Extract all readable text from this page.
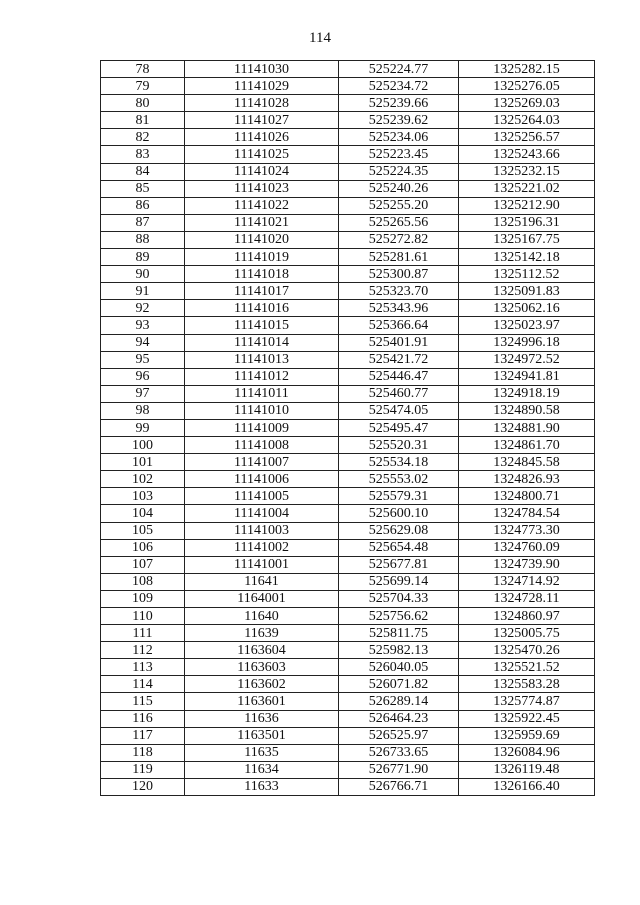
114
78	11141030	525224.77	1325282.15
79	11141029	525234.72	1325276.05
80	11141028	525239.66	1325269.03
81	11141027	525239.62	1325264.03
82	11141026	525234.06	1325256.57
83	11141025	525223.45	1325243.66
84	11141024	525224.35	1325232.15
85	11141023	525240.26	1325221.02
86	11141022	525255.20	1325212.90
87	11141021	525265.56	1325196.31
88	11141020	525272.82	1325167.75
89	11141019	525281.61	1325142.18
90	11141018	525300.87	1325112.52
91	11141017	525323.70	1325091.83
92	11141016	525343.96	1325062.16
93	11141015	525366.64	1325023.97
94	11141014	525401.91	1324996.18
95	11141013	525421.72	1324972.52
96	11141012	525446.47	1324941.81
97	11141011	525460.77	1324918.19
98	11141010	525474.05	1324890.58
99	11141009	525495.47	1324881.90
100	11141008	525520.31	1324861.70
101	11141007	525534.18	1324845.58
102	11141006	525553.02	1324826.93
103	11141005	525579.31	1324800.71
104	11141004	525600.10	1324784.54
105	11141003	525629.08	1324773.30
106	11141002	525654.48	1324760.09
107	11141001	525677.81	1324739.90
108	11641	525699.14	1324714.92
109	1164001	525704.33	1324728.11
110	11640	525756.62	1324860.97
111	11639	525811.75	1325005.75
112	1163604	525982.13	1325470.26
113	1163603	526040.05	1325521.52
114	1163602	526071.82	1325583.28
115	1163601	526289.14	1325774.87
116	11636	526464.23	1325922.45
117	1163501	526525.97	1325959.69
118	11635	526733.65	1326084.96
119	11634	526771.90	1326119.48
120	11633	526766.71	1326166.40
